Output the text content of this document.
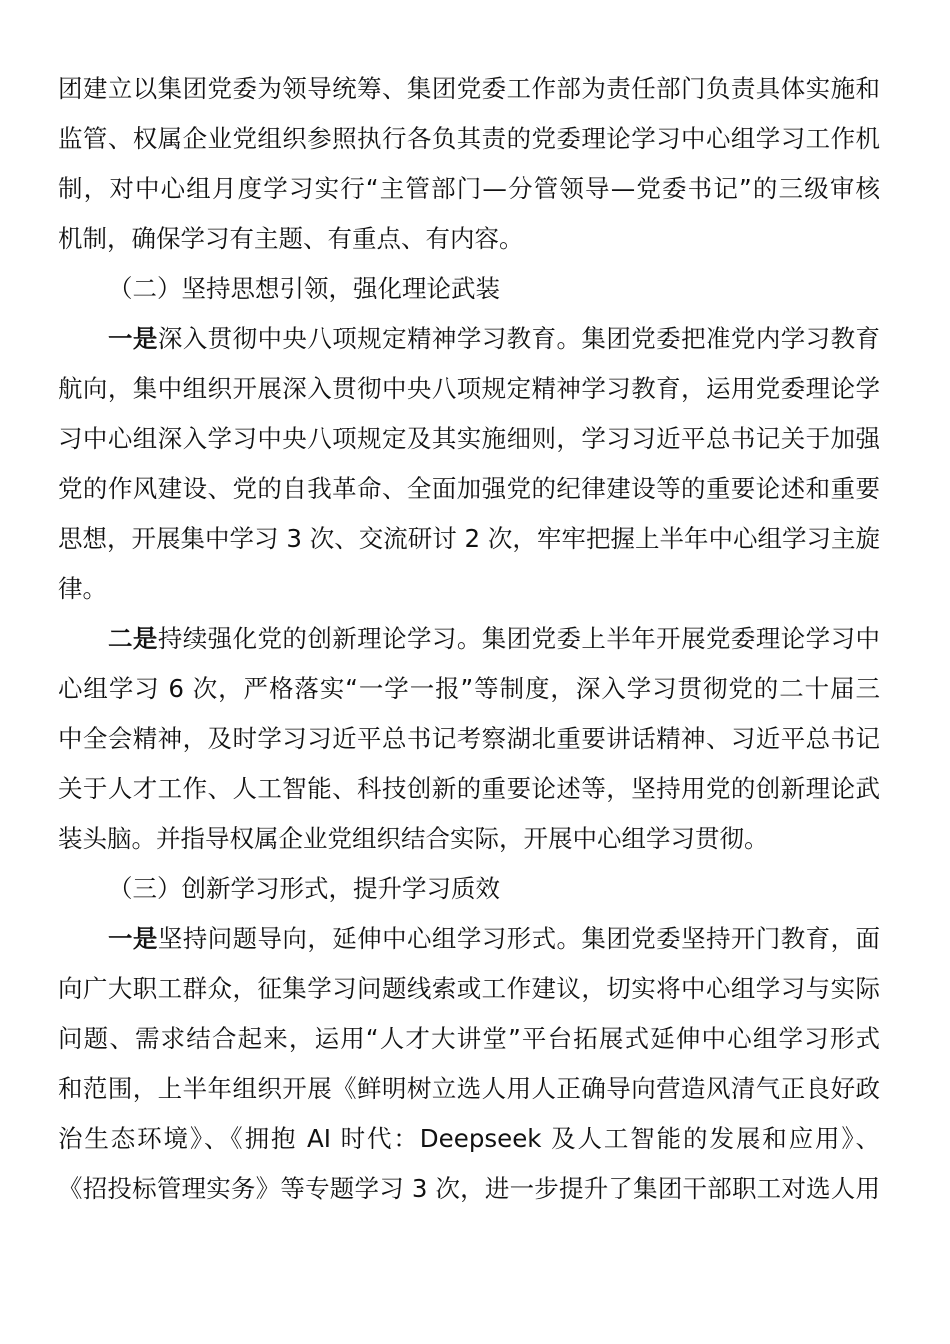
团建立以集团党委为领导统筹、集团党委工作部为责任部门负责具体实施和
监管、权属企业党组织参照执行各负其责的党委理论学习中心组学习工作机
制，对中心组月度学习实行“主管部门—分管领导—党委书记”的三级审核
机制，确保学习有主题、有重点、有内容。
（二）坚持思想引领，强化理论武装
一是深入贯彻中央八项规定精神学习教育。集团党委把准党内学习教育
航向，集中组织开展深入贯彻中央八项规定精神学习教育，运用党委理论学
习中心组深入学习中央八项规定及其实施细则，学习习近平总书记关于加强
党的作风建设、党的自我革命、全面加强党的纪律建设等的重要论述和重要
思想，开展集中学习 3 次、交流研讨 2 次，牢牢把握上半年中心组学习主旋
律。
二是持续强化党的创新理论学习。集团党委上半年开展党委理论学习中
心组学习 6 次，严格落实“一学一报”等制度，深入学习贯彻党的二十届三
中全会精神，及时学习习近平总书记考察湖北重要讲话精神、习近平总书记
关于人才工作、人工智能、科技创新的重要论述等，坚持用党的创新理论武
装头脑。并指导权属企业党组织结合实际，开展中心组学习贯彻。
（三）创新学习形式，提升学习质效
一是坚持问题导向，延伸中心组学习形式。集团党委坚持开门教育，面
向广大职工群众，征集学习问题线索或工作建议，切实将中心组学习与实际
问题、需求结合起来，运用“人才大讲堂”平台拓展式延伸中心组学习形式
和范围，上半年组织开展《鲜明树立选人用人正确导向营造风清气正良好政
治生态环境》、《拥抱 AI 时代：Deepseek 及人工智能的发展和应用》、
《招投标管理实务》等专题学习 3 次，进一步提升了集团干部职工对选人用
